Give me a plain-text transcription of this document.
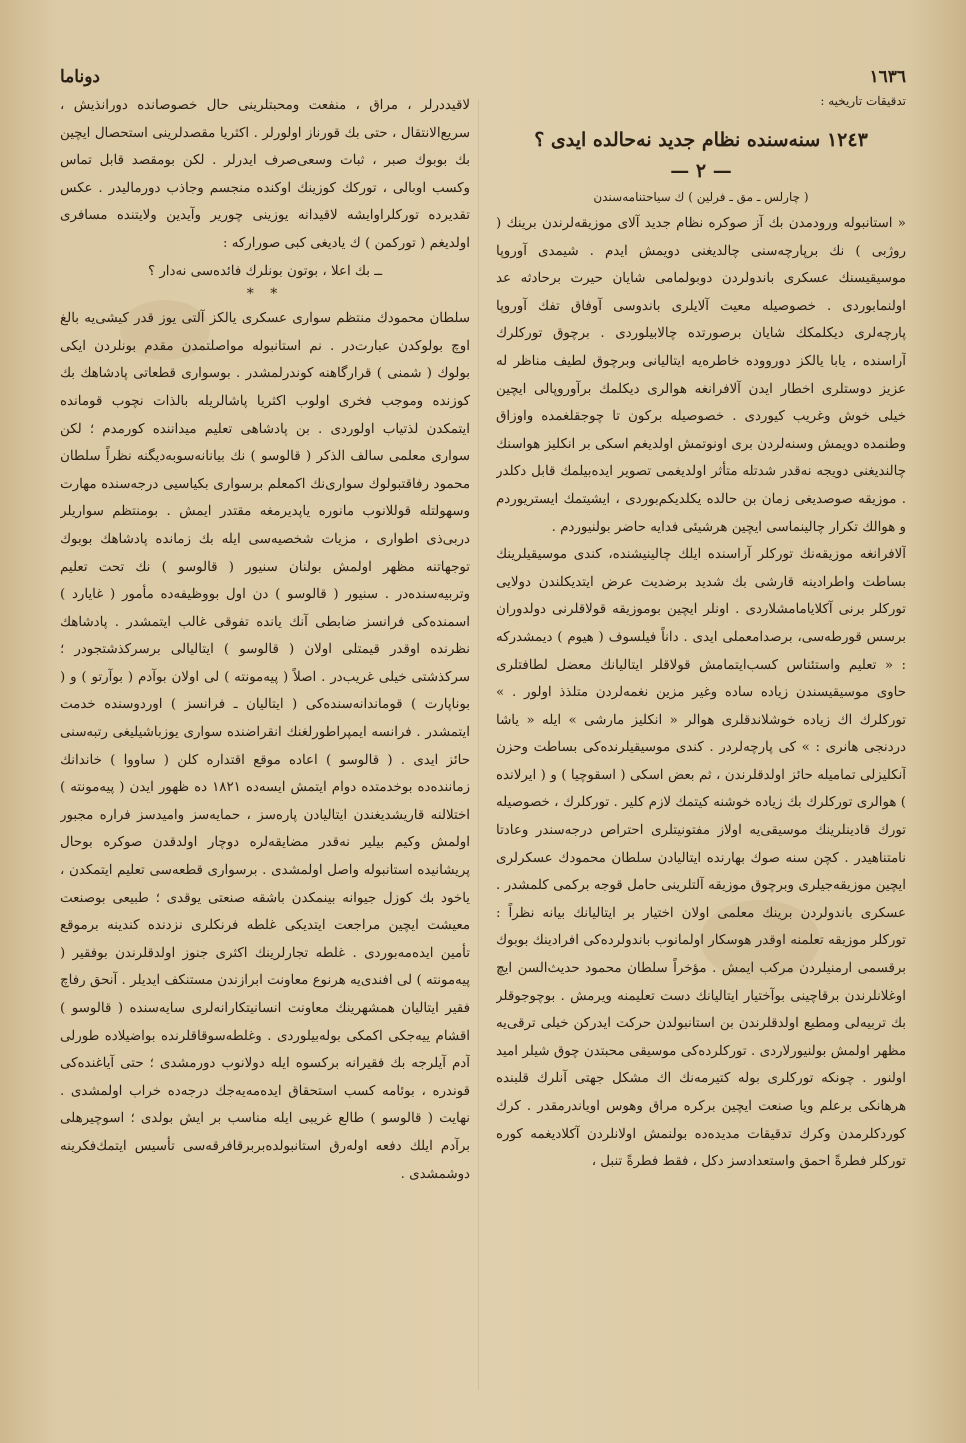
١٦٣٦
دوناما
تدقیقات تاریخیه :
١٢٤٣ سنه‌سنده نظام جدید نه‌حالده ایدی ؟
— ٢ —
( چارلس ـ مق ـ فرلین ) ك سیاحتنامه‌سندن

« استانبوله ورودمدن بك آز صوكره نظام جدید آلای موزیقه‌لرندن برینك ( روژبی ) نك برپارچه‌سنی چالدیغنی دویمش ایدم . شیمدی آوروپا موسیقیسنك عسكری باندولردن دوبولمامی شایان حیرت برحادثه عد اولنمابوردی . خصوصیله معیت آلایلری باندوسی آوفاق تفك آوروپا پارچه‌لری دیكلمكك شایان برصورتده چالابیلوردی . برچوق توركلرك آراسنده ، یابا یالكز دورووده خاطره‌یه ایتالیانی وبرچوق لطیف مناظر له عزیز دوستلری اخطار ایدن آلافرانغه هوالری دیكلمك برآوروپالی ایچین خیلی خوش وغریب كیوردی . خصوصیله بركون تا چوجقلغمده واوزاق وطنمده دویمش وسنه‌لردن بری اونوتمش اولدیغم اسكی بر انكلیز هواسنك چالندیغنی دویجه نه‌قدر شدتله متأثر اولدیغمی تصویر ایده‌بیلمك قابل دكلدر . موزیقه صوصدیغی زمان بن حالده یكلدیكم‌بوردی ، ایشیتمك ایستریوردم و هوالك تكرار چالینماسی ایچین هرشیئی فدایه حاضر بولنیوردم .

آلافرانغه موزیقه‌نك توركلر آراسنده ایلك چالینیشنده، كندی موسیقیلرینك بساطت واطرادینه قارشی بك شدید برضدیت عرض ایتدیكلندن دولایی توركلر برنی آكلایامامشلاردی . اونلر ایچین بوموزیقه قولاقلرنی دولدوران برسس قورطه‌سی، برصدامعملی ایدی . داناً فیلسوف ( هیوم ) دیمشدركه : « تعلیم واستئناس كسب‌ایتمامش قولاقلر ایتالیانك معضل لطافتلری حاوی موسیقیسندن زیاده ساده وغیر مزین نغمه‌لردن متلذذ اولور . » توركلرك اك زیاده خوشلاندقلری هوالر « انكلیز مارشی » ایله « یاشا دردنجی هانری : » كی پارچه‌لردر . كندی موسیقیلرنده‌كی بساطت وحزن آنكلیزلی تمامیله حائز اولدقلرندن ، ثم بعض اسكی ( اسقوچیا ) و ( ایرلانده ) هوالری توركلرك بك زیاده خوشنه كیتمك لازم كلیر . توركلرك ، خصوصیله تورك قادینلرینك موسیقی‌یه اولاز مفتونیتلری احتراص درجه‌سندر وعادتا نامتناهیدر . كچن سنه صوك بهارنده ایتالیادن سلطان محمودك عسكرلری ایچین موزیقه‌جیلری وبرچوق موزیقه آلتلرینی حامل قوجه بركمی كلمشدر . عسكری باندولردن برینك معلمی اولان اختیار بر ایتالیانك بیانه نظراً : توركلر موزیقه تعلمنه اوقدر هوسكار اولمانوب باندولرده‌كی افرادینك بوبوك برقسمی ارمنیلردن مركب ایمش . مؤخراً سلطان محمود حدیث‌السن ایچ اوغلانلرندن برقاچینی بوآختیار ایتالیانك دست تعلیمنه ویرمش . بوچوجوقلر بك تربیه‌لی ومطیع اولدقلرندن بن استانبولدن حركت ایدركن خیلی ترقی‌یه مظهر اولمش بولنیورلاردی . توركلرده‌كی موسیقی محبتدن چوق شیلر امید اولنور . چونكه توركلری بوله كتیرمه‌نك اك مشكل جهتی آنلرك قلبنده هرهانكی برعلم ویا صنعت ایچین بركره مراق وهوس اویاندرمقدر . كرك كوردكلرمدن وكرك تدقیقات مدیده‌ده بولنمش اولانلردن آكلادیغمه كوره توركلر فطرةً احمق واستعدادسز دكل ، فقط فطرةً تنبل ،

لاقیددرلر ، مراق ، منفعت ومحبتلرینی حال خصوصانده دورانذیش ، سریع‌الانتقال ، حتی بك قورناز اولورلر . اكثریا مقصدلرینی استحصال ایچین بك بوبوك صبر ، ثبات وسعی‌صرف ایدرلر . لكن بومقصد قابل تماس وكسب اوبالی ، توركك كوزینك اوكنده منجسم وجاذب دورمالیدر . عكس تقدیرده توركلراوایشه لاقیدانه یوزینی چوریر وآیدین ولایتنده مسافری اولدیغم ( توركمن ) ك یادیغی كبی صوراركه :

ــ بك اعلا ، بوتون بونلرك فائده‌سی نه‌دار ؟

* *

سلطان محمودك منتظم سواری عسكری یالكز آلتی یوز قدر كیشی‌یه بالغ اوچ بولوكدن عبارت‌در . نم استانبوله مواصلتمدن مقدم بونلردن ایكی بولوك ( شمنی ) قرارگاهنه كوندرلمشدر . بوسواری قطعاتی پادشاهك بك كوزنده وموجب فخری اولوب اكثریا پاشالریله بالذات نچوب قومانده ایتمكدن لذتیاب اولوردی . بن پادشاهی تعلیم میداننده كورمدم ؛ لكن سواری معلمی سالف الذكر ( قالوسو ) نك بیانانه‌سوبه‌دیگنه نظراً سلطان محمود رفاقتبولوك سواری‌نك اكمعلم برسواری بكیاسیی درجه‌سنده مهارت وسهولتله قوللانوب مانوره یاپدیرمغه مقتدر ایمش . بومنتظم سواریلر دربی‌ذی اطواری ، مزیات شخصیه‌سی ایله بك زمانده پادشاهك بوبوك توجهاتنه مظهر اولمش بولنان سنیور ( قالوسو ) نك تحت تعلیم وتربیه‌سنده‌در . سنیور ( قالوسو ) دن اول بووظیفه‌ده مأمور ( غایارد ) اسمنده‌كی فرانسز ضابطی آنك یانده تفوقی غالب ایتمشدر . پادشاهك نظرنده اوقدر قیمتلی اولان ( قالوسو ) ایتالیالی برسركذشتجودر ؛ سركذشتی خیلی غریب‌در . اصلاً ( پیه‌مونته ) لی اولان بوآدم ( بوآرتو ) و ( بوناپارت ) قوماندانه‌سنده‌كی ( ایتالیان ـ فرانسز ) اوردوسنده خدمت ایتمشدر . فرانسه ایمپراطورلغنك انقراضنده سواری یوزباشیلیغی رتبه‌سنی حائز ایدی . ( قالوسو ) اعاده موقع اقتداره كلن ( ساووا ) خاندانك زماننده‌ده بوخدمتده دوام ایتمش ایسه‌ده ١٨٢١ ده ظهور ایدن ( پیه‌مونته ) اختلالنه قاریشدیغندن ایتالیادن پاره‌سز ، حمایه‌سز وامیدسز فراره مجبور اولمش وكیم بیلیر نه‌قدر مضایقه‌لره دوچار اولدقدن صوكره بوحال پریشانیده استانبوله واصل اولمشدی . برسواری قطعه‌سی تعلیم ایتمكدن ، یاخود بك كوزل جیوانه بینمكدن باشقه صنعتی یوقدی ؛ طبیعی بوصنعت معیشت ایچین مراجعت ایتدیكی غلطه فرنكلری نزدنده كندینه برموقع تأمین ایده‌مه‌بوردی . غلطه تجارلرینك اكثری جنوز اولدقلرندن بوفقیر ( پیه‌مونته ) لی افندی‌یه هرنوع معاونت ابرازندن مستنكف ایدیلر . آنحق رفاچ فقیر ایتالیان همشهرینك معاونت انسانیتكارانه‌لری سایه‌سنده ( قالوسو ) اقشام ییه‌جكی اكمكی بوله‌بیلوردی . وغلطه‌سوقاقلرنده بواضیلاده طورلی آدم آیلرجه بك فقیرانه بركسوه ایله دولانوب دورمشدی ؛ حتی آیاغنده‌كی قوندره ، بوئامه كسب استحقاق ایده‌مه‌یه‌جك درجه‌ده خراب اولمشدی . نهایت ( قالوسو ) طالع غریبی ایله مناسب بر ایش بولدی ؛ اسوچیرهلی برآدم ایلك دفعه اوله‌رق استانبولده‌بربرقافرقه‌سی تأسیس ایتمك‌فكرینه دوشمشدی .
